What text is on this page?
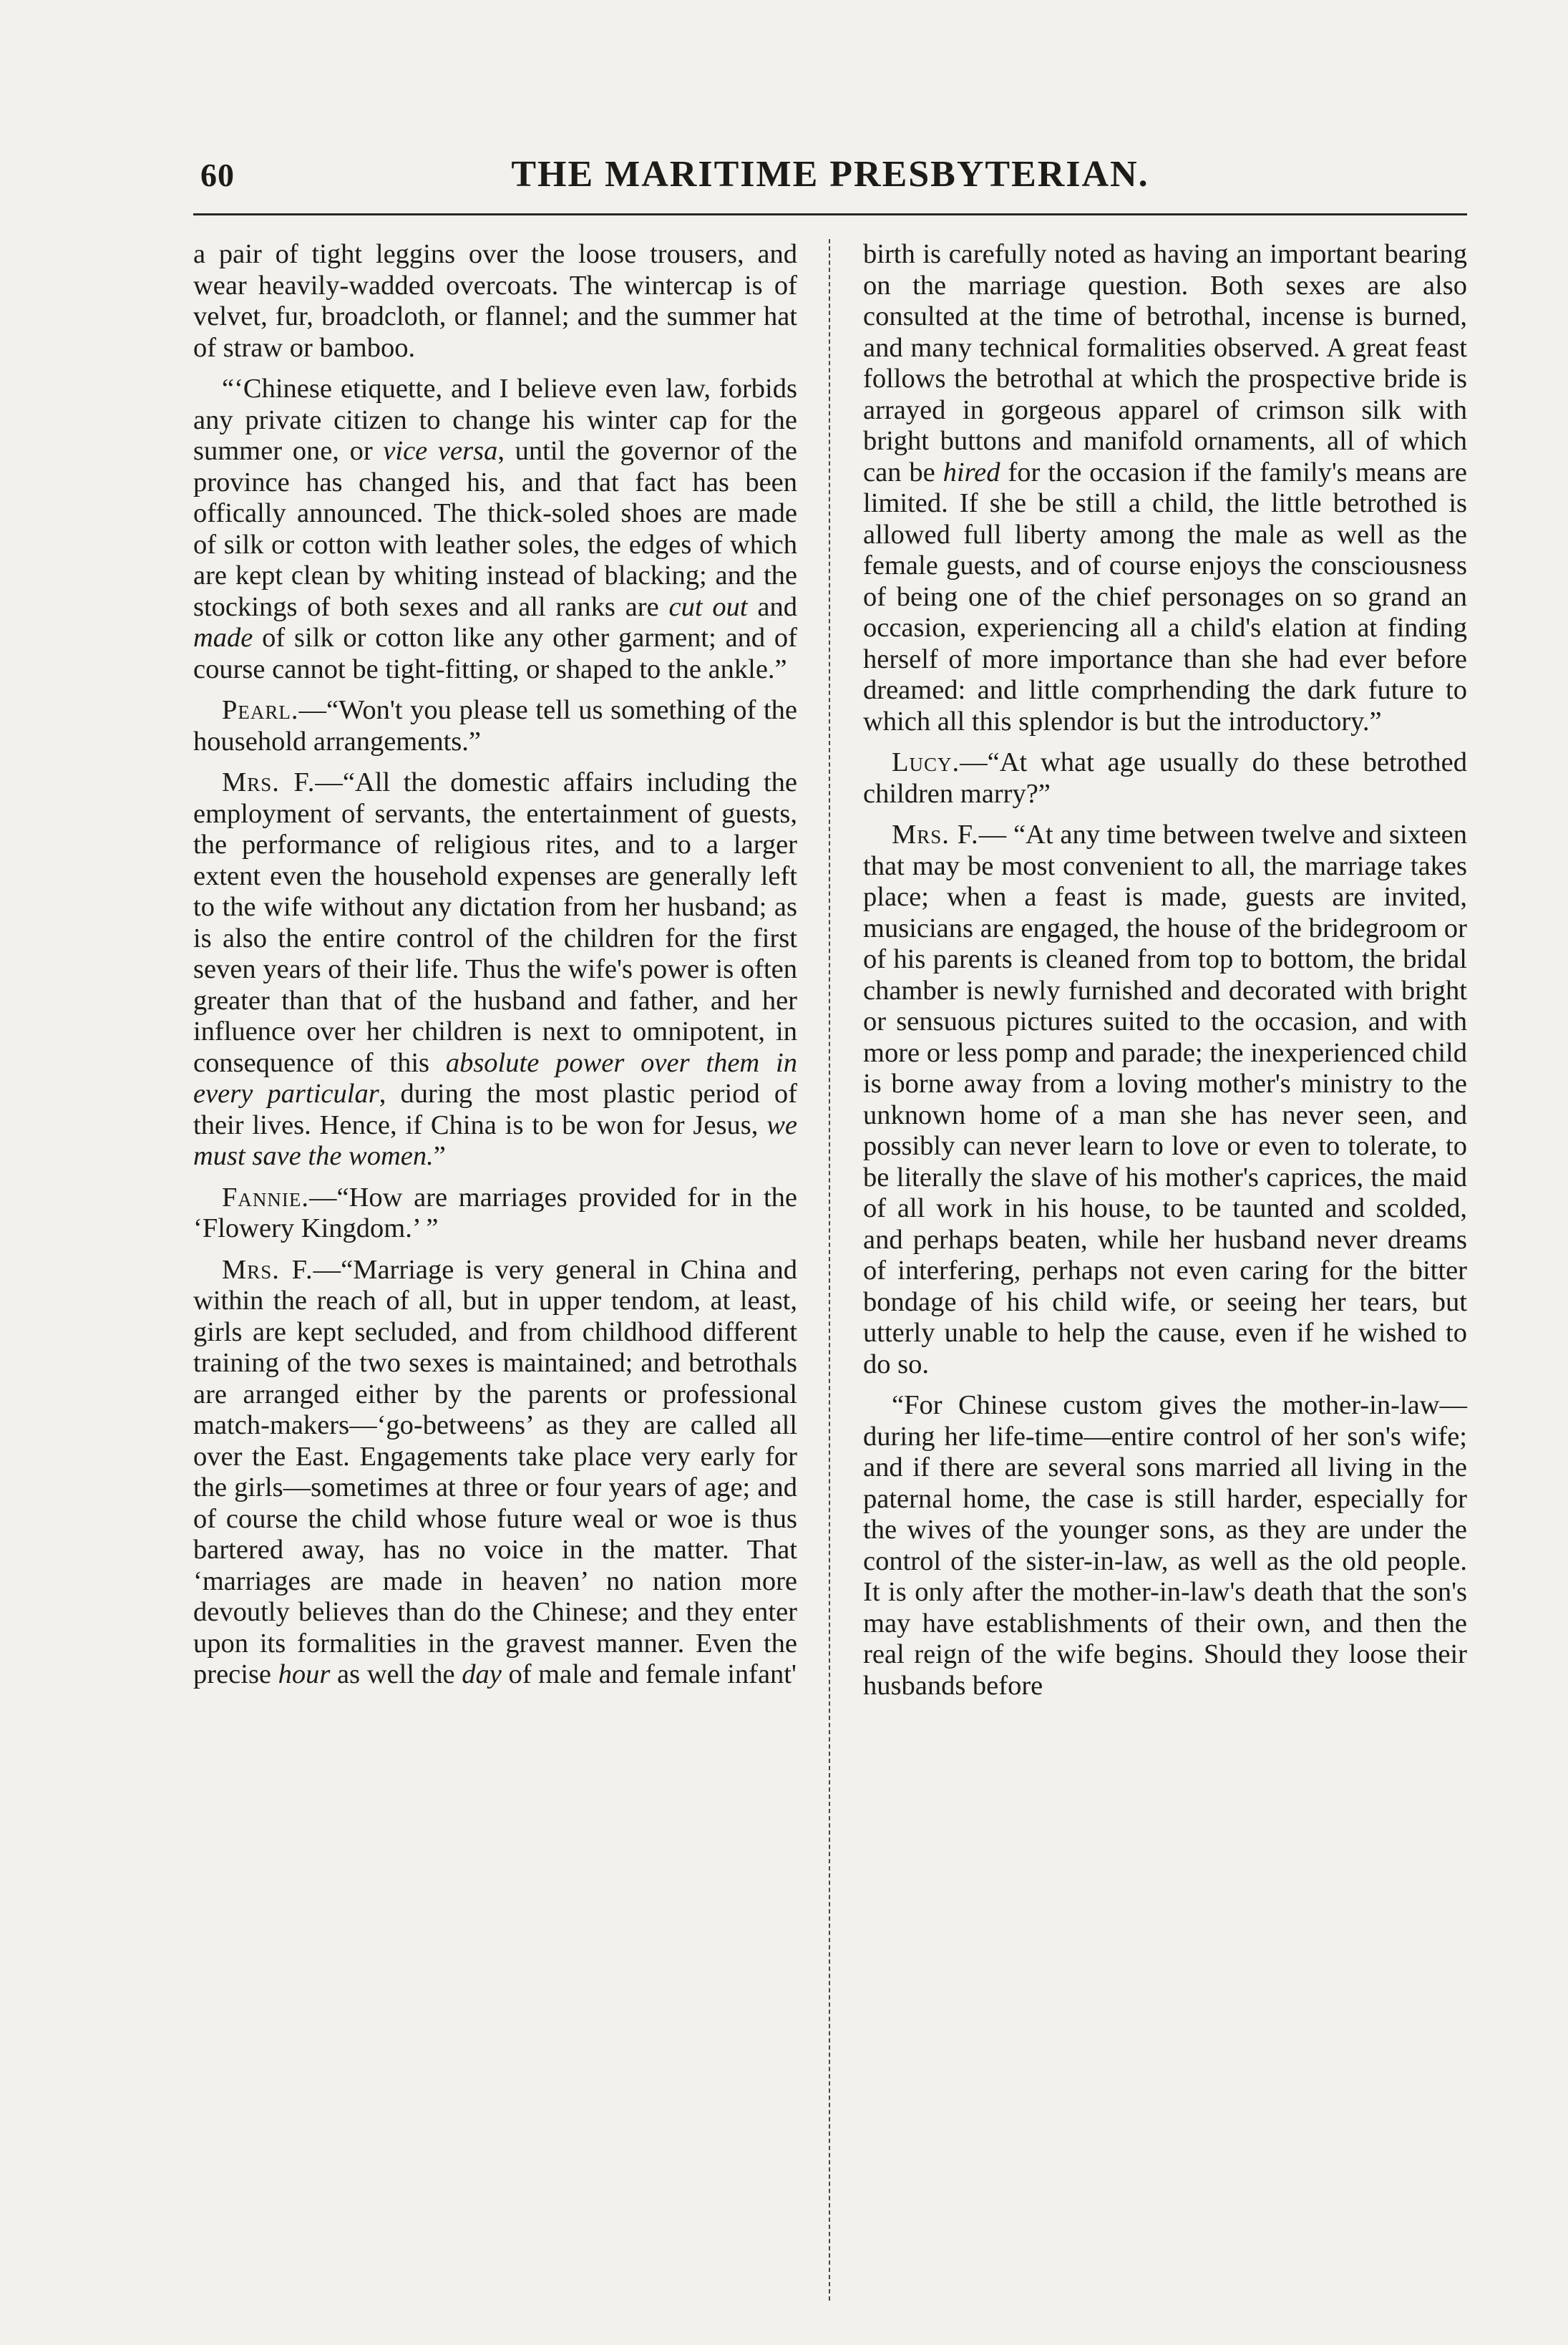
60	THE MARITIME PRESBYTERIAN.

a pair of tight leggins over the loose trousers, and wear heavily-wadded overcoats. The wintercap is of velvet, fur, broadcloth, or flannel; and the summer hat of straw or bamboo.

“‘Chinese etiquette, and I believe even law, forbids any private citizen to change his winter cap for the summer one, or vice versa, until the governor of the province has changed his, and that fact has been offically announced. The thick-soled shoes are made of silk or cotton with leather soles, the edges of which are kept clean by whiting instead of blacking; and the stockings of both sexes and all ranks are cut out and made of silk or cotton like any other garment; and of course cannot be tight-fitting, or shaped to the ankle.”

Pearl.—“Won't you please tell us something of the household arrangements.”

Mrs. F.—“All the domestic affairs including the employment of servants, the entertainment of guests, the performance of religious rites, and to a larger extent even the household expenses are generally left to the wife without any dictation from her husband; as is also the entire control of the children for the first seven years of their life. Thus the wife's power is often greater than that of the husband and father, and her influence over her children is next to omnipotent, in consequence of this absolute power over them in every particular, during the most plastic period of their lives. Hence, if China is to be won for Jesus, we must save the women.”

Fannie.—“How are marriages provided for in the ‘Flowery Kingdom.’ ”

Mrs. F.—“Marriage is very general in China and within the reach of all, but in upper tendom, at least, girls are kept secluded, and from childhood different training of the two sexes is maintained; and betrothals are arranged either by the parents or professional match-makers—‘go-betweens’ as they are called all over the East. Engagements take place very early for the girls—sometimes at three or four years of age; and of course the child whose future weal or woe is thus bartered away, has no voice in the matter. That ‘marriages are made in heaven’ no nation more devoutly believes than do the Chinese; and they enter upon its formalities in the gravest manner. Even the precise hour as well the day of male and female infant'

birth is carefully noted as having an important bearing on the marriage question. Both sexes are also consulted at the time of betrothal, incense is burned, and many technical formalities observed. A great feast follows the betrothal at which the prospective bride is arrayed in gorgeous apparel of crimson silk with bright buttons and manifold ornaments, all of which can be hired for the occasion if the family's means are limited. If she be still a child, the little betrothed is allowed full liberty among the male as well as the female guests, and of course enjoys the consciousness of being one of the chief personages on so grand an occasion, experiencing all a child's elation at finding herself of more importance than she had ever before dreamed: and little comprhending the dark future to which all this splendor is but the introductory.”

Lucy.—“At what age usually do these betrothed children marry?”

Mrs. F.— “At any time between twelve and sixteen that may be most convenient to all, the marriage takes place; when a feast is made, guests are invited, musicians are engaged, the house of the bridegroom or of his parents is cleaned from top to bottom, the bridal chamber is newly furnished and decorated with bright or sensuous pictures suited to the occasion, and with more or less pomp and parade; the inexperienced child is borne away from a loving mother's ministry to the unknown home of a man she has never seen, and possibly can never learn to love or even to tolerate, to be literally the slave of his mother's caprices, the maid of all work in his house, to be taunted and scolded, and perhaps beaten, while her husband never dreams of interfering, perhaps not even caring for the bitter bondage of his child wife, or seeing her tears, but utterly unable to help the cause, even if he wished to do so.

“For Chinese custom gives the mother-in-law—during her life-time—entire control of her son's wife; and if there are several sons married all living in the paternal home, the case is still harder, especially for the wives of the younger sons, as they are under the control of the sister-in-law, as well as the old people. It is only after the mother-in-law's death that the son's may have establishments of their own, and then the real reign of the wife begins. Should they loose their husbands before
